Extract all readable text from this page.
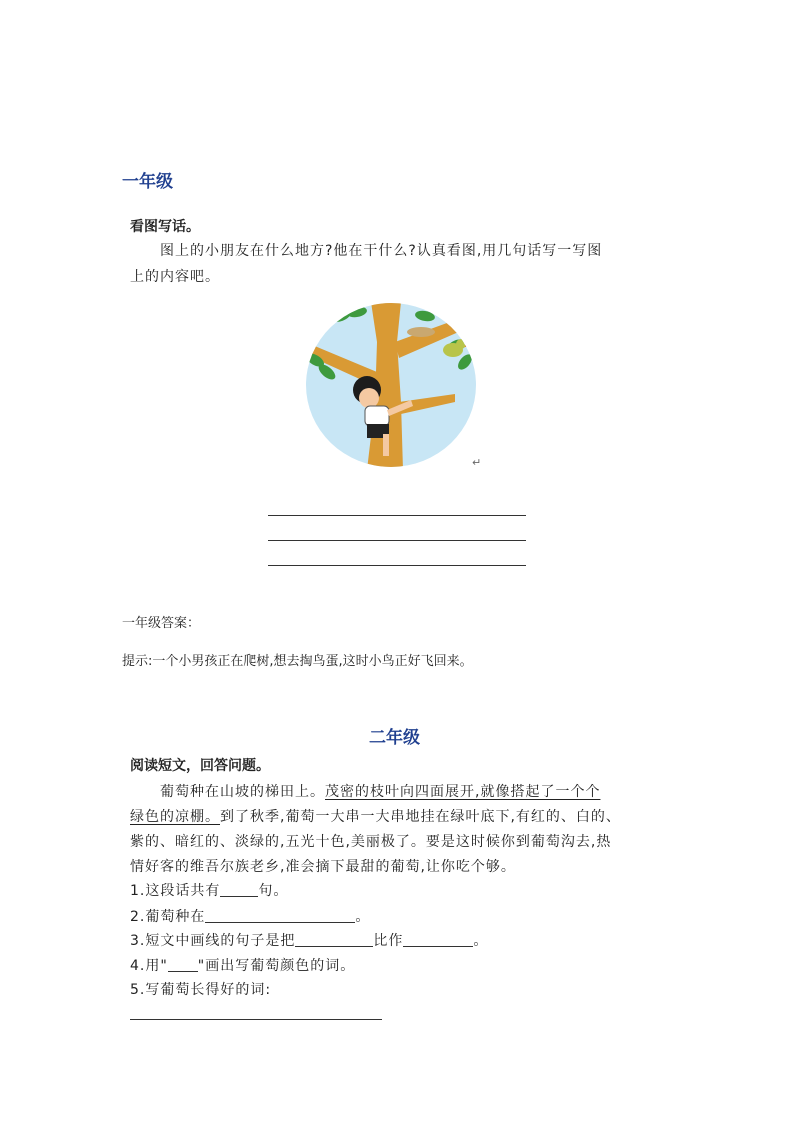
一年级
看图写话。
图上的小朋友在什么地方?他在干什么?认真看图,用几句话写一写图
上的内容吧。
↵
一年级答案：
提示:一个小男孩正在爬树,想去掏鸟蛋,这时小鸟正好飞回来。
二年级
阅读短文，回答问题。
葡萄种在山坡的梯田上。茂密的枝叶向四面展开,就像搭起了一个个
绿色的凉棚。到了秋季,葡萄一大串一大串地挂在绿叶底下,有红的、白的、
紫的、暗红的、淡绿的,五光十色,美丽极了。要是这时候你到葡萄沟去,热
情好客的维吾尔族老乡,准会摘下最甜的葡萄,让你吃个够。
1.这段话共有	句。
2.葡萄种在	。
3.短文中画线的句子是把	比作	。
4.用" "画出写葡萄颜色的词。
5.写葡萄长得好的词:
